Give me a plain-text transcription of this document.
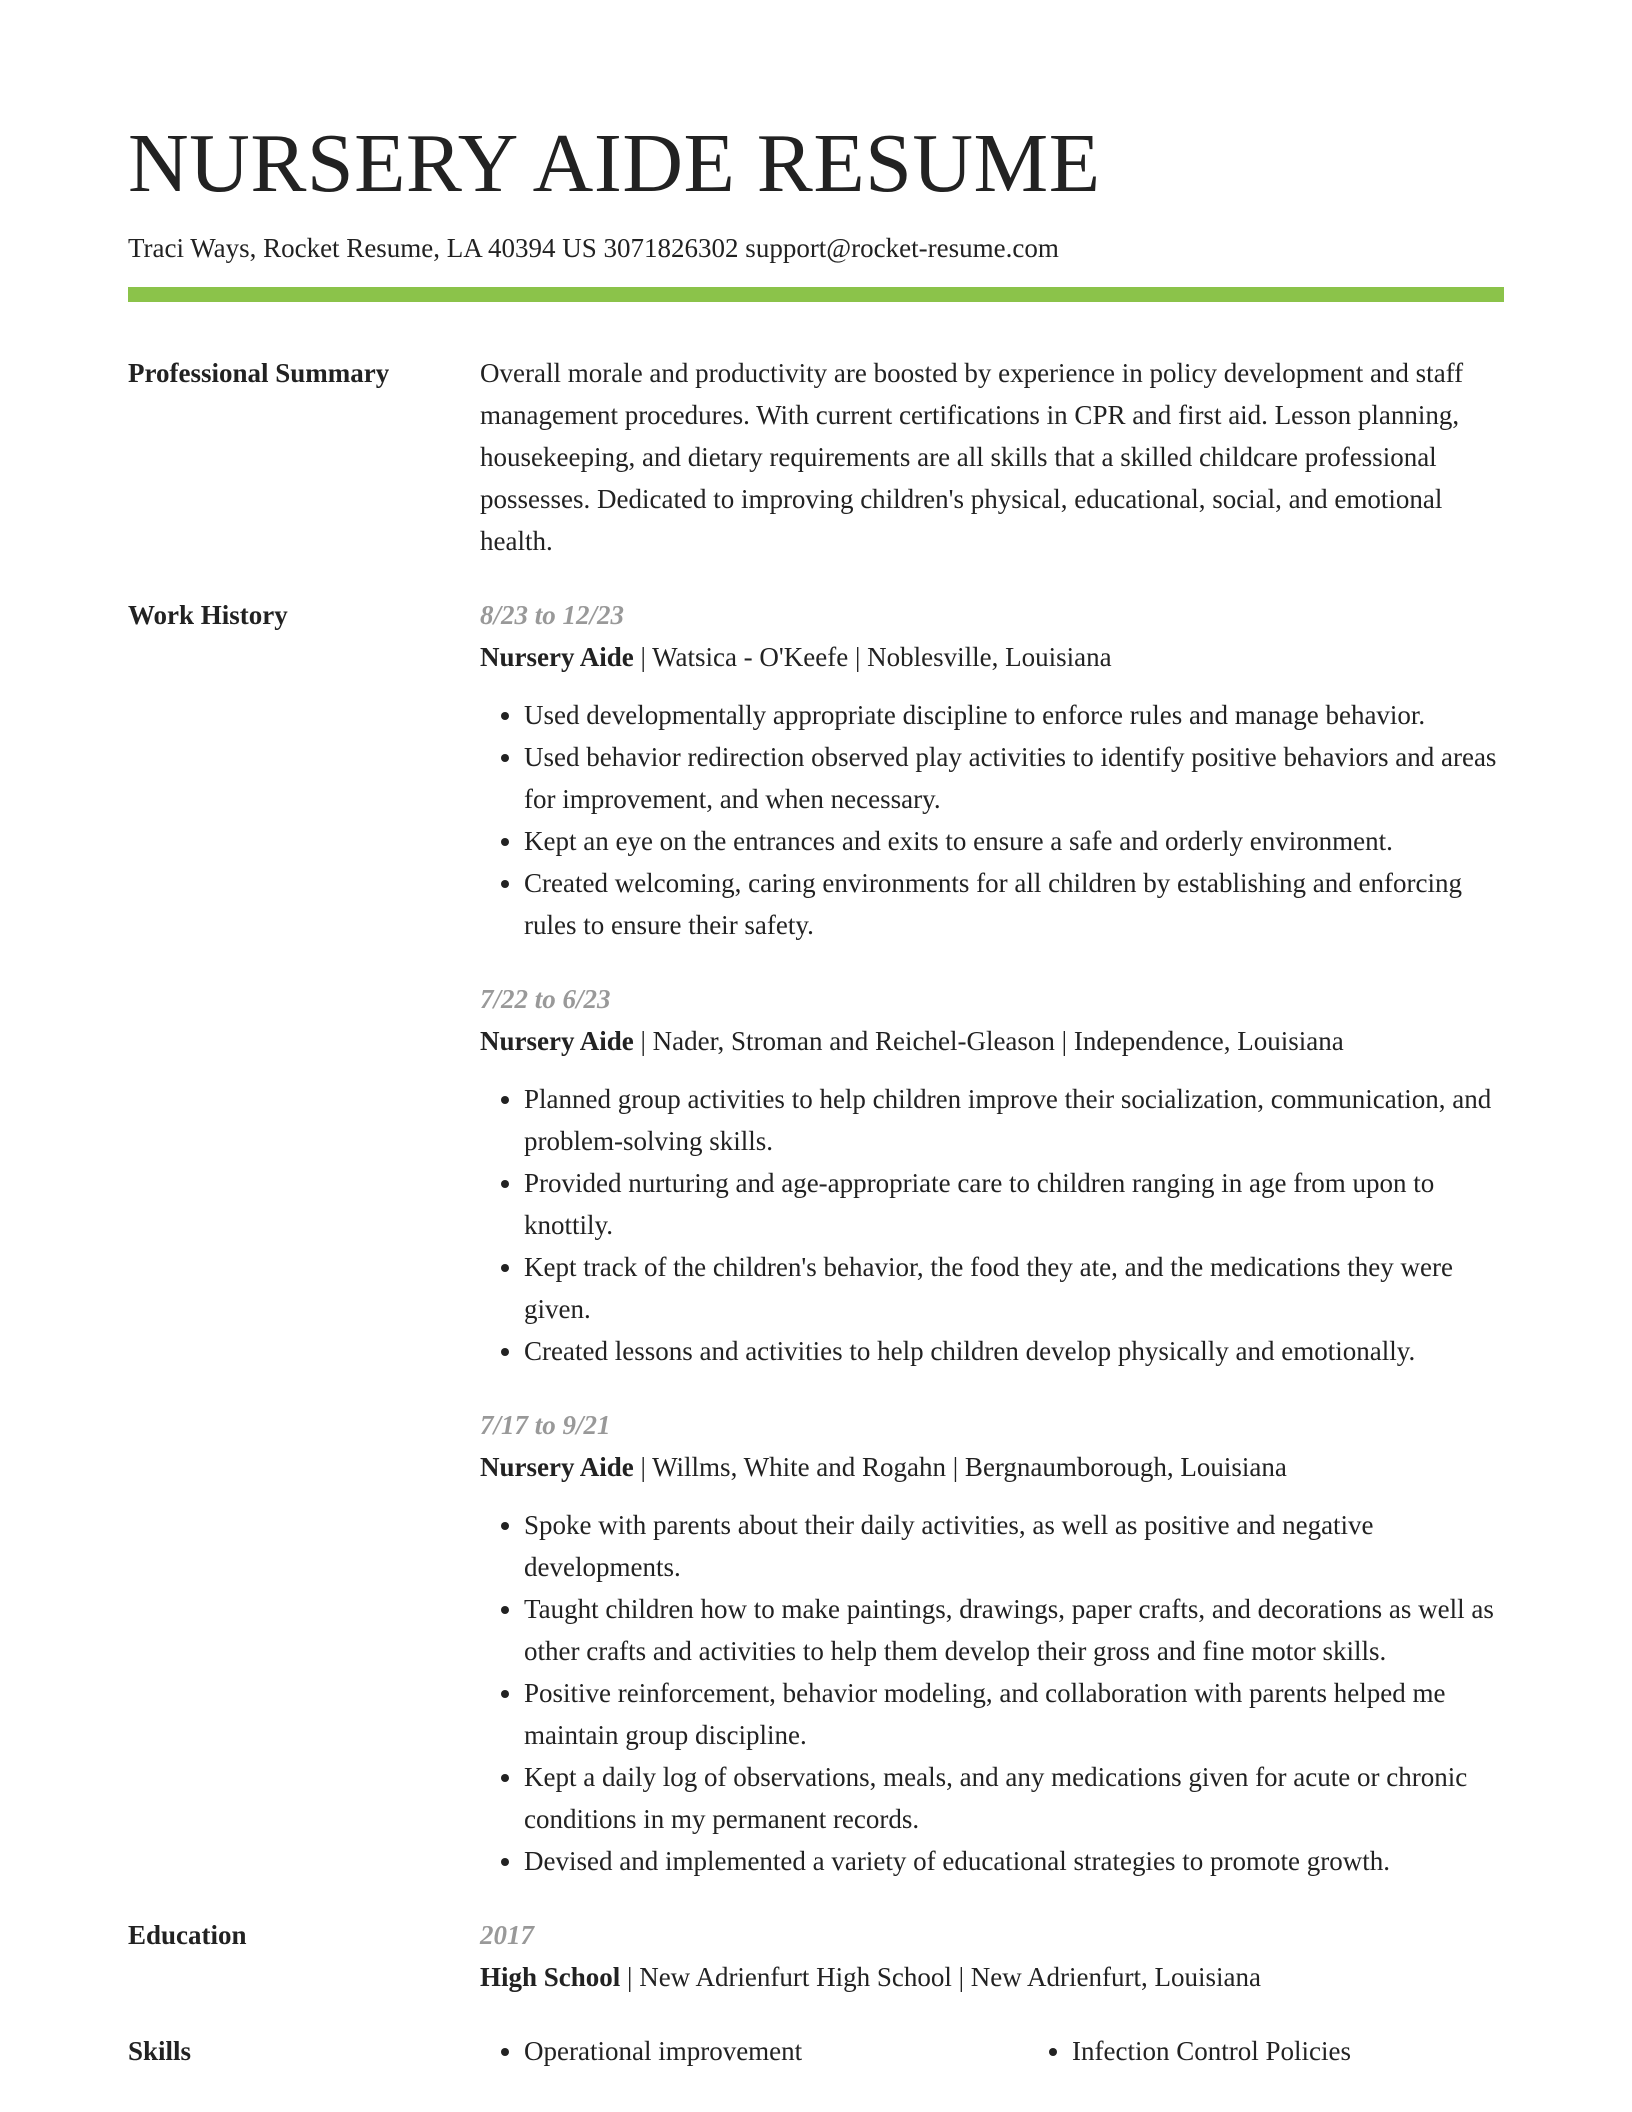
NURSERY AIDE RESUME
Traci Ways, Rocket Resume, LA 40394 US 3071826302 support@rocket-resume.com
Professional Summary	Overall morale and productivity are boosted by experience in policy development and staff management procedures. With current certifications in CPR and first aid. Lesson planning, housekeeping, and dietary requirements are all skills that a skilled childcare professional possesses. Dedicated to improving children's physical, educational, social, and emotional health.
Work History	8/23 to 12/23
Nursery Aide | Watsica - O'Keefe | Noblesville, Louisiana
• Used developmentally appropriate discipline to enforce rules and manage behavior.
• Used behavior redirection observed play activities to identify positive behaviors and areas for improvement, and when necessary.
• Kept an eye on the entrances and exits to ensure a safe and orderly environment.
• Created welcoming, caring environments for all children by establishing and enforcing rules to ensure their safety.
7/22 to 6/23
Nursery Aide | Nader, Stroman and Reichel-Gleason | Independence, Louisiana
• Planned group activities to help children improve their socialization, communication, and problem-solving skills.
• Provided nurturing and age-appropriate care to children ranging in age from upon to knottily.
• Kept track of the children's behavior, the food they ate, and the medications they were given.
• Created lessons and activities to help children develop physically and emotionally.
7/17 to 9/21
Nursery Aide | Willms, White and Rogahn | Bergnaumborough, Louisiana
• Spoke with parents about their daily activities, as well as positive and negative developments.
• Taught children how to make paintings, drawings, paper crafts, and decorations as well as other crafts and activities to help them develop their gross and fine motor skills.
• Positive reinforcement, behavior modeling, and collaboration with parents helped me maintain group discipline.
• Kept a daily log of observations, meals, and any medications given for acute or chronic conditions in my permanent records.
• Devised and implemented a variety of educational strategies to promote growth.
Education	2017
High School | New Adrienfurt High School | New Adrienfurt, Louisiana
Skills	• Operational improvement	• Infection Control Policies
